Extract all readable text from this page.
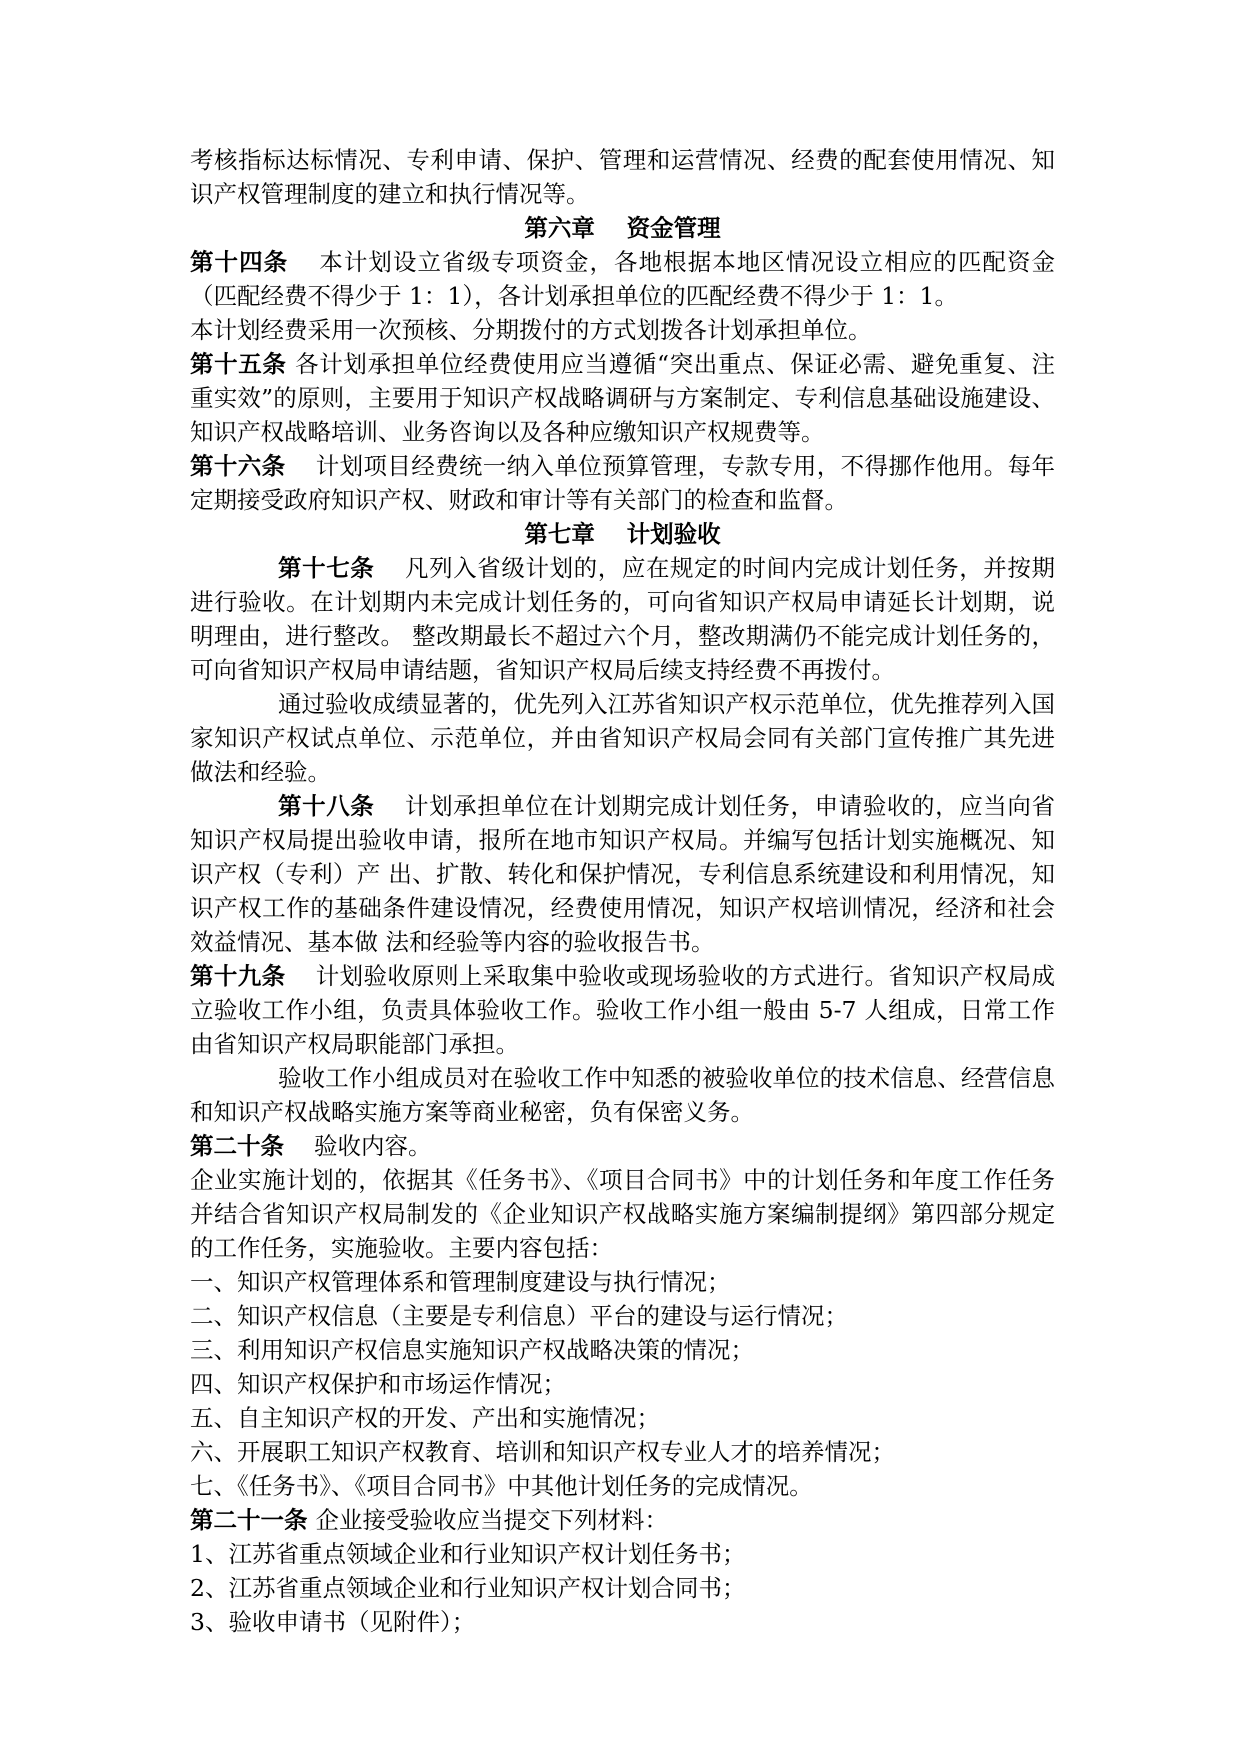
考核指标达标情况、专利申请、保护、管理和运营情况、经费的配套使用情况、知识产权管理制度的建立和执行情况等。

第六章　 资金管理

第十四条 本计划设立省级专项资金，各地根据本地区情况设立相应的匹配资金（匹配经费不得少于 1：1），各计划承担单位的匹配经费不得少于 1：1。

本计划经费采用一次预核、分期拨付的方式划拨各计划承担单位。

第十五条 各计划承担单位经费使用应当遵循“突出重点、保证必需、避免重复、注重实效”的原则，主要用于知识产权战略调研与方案制定、专利信息基础设施建设、知识产权战略培训、业务咨询以及各种应缴知识产权规费等。

第十六条 计划项目经费统一纳入单位预算管理，专款专用，不得挪作他用。每年定期接受政府知识产权、财政和审计等有关部门的检查和监督。

第七章　 计划验收

第十七条 凡列入省级计划的，应在规定的时间内完成计划任务，并按期进行验收。在计划期内未完成计划任务的，可向省知识产权局申请延长计划期，说明理由，进行整改。 整改期最长不超过六个月，整改期满仍不能完成计划任务的，可向省知识产权局申请结题，省知识产权局后续支持经费不再拨付。

通过验收成绩显著的，优先列入江苏省知识产权示范单位，优先推荐列入国家知识产权试点单位、示范单位，并由省知识产权局会同有关部门宣传推广其先进做法和经验。

第十八条 计划承担单位在计划期完成计划任务，申请验收的，应当向省知识产权局提出验收申请，报所在地市知识产权局。并编写包括计划实施概况、知识产权（专利）产 出、扩散、转化和保护情况，专利信息系统建设和利用情况，知识产权工作的基础条件建设情况，经费使用情况，知识产权培训情况，经济和社会效益情况、基本做 法和经验等内容的验收报告书。

第十九条 计划验收原则上采取集中验收或现场验收的方式进行。省知识产权局成立验收工作小组，负责具体验收工作。验收工作小组一般由 5-7 人组成，日常工作由省知识产权局职能部门承担。

验收工作小组成员对在验收工作中知悉的被验收单位的技术信息、经营信息和知识产权战略实施方案等商业秘密，负有保密义务。

第二十条 验收内容。

企业实施计划的，依据其《任务书》、《项目合同书》中的计划任务和年度工作任务并结合省知识产权局制发的《企业知识产权战略实施方案编制提纲》第四部分规定的工作任务，实施验收。主要内容包括：

一、知识产权管理体系和管理制度建设与执行情况；

二、知识产权信息（主要是专利信息）平台的建设与运行情况；

三、利用知识产权信息实施知识产权战略决策的情况；

四、知识产权保护和市场运作情况；

五、自主知识产权的开发、产出和实施情况；

六、开展职工知识产权教育、培训和知识产权专业人才的培养情况；

七、《任务书》、《项目合同书》中其他计划任务的完成情况。

第二十一条 企业接受验收应当提交下列材料：

1、江苏省重点领域企业和行业知识产权计划任务书；

2、江苏省重点领域企业和行业知识产权计划合同书；

3、验收申请书（见附件）；
